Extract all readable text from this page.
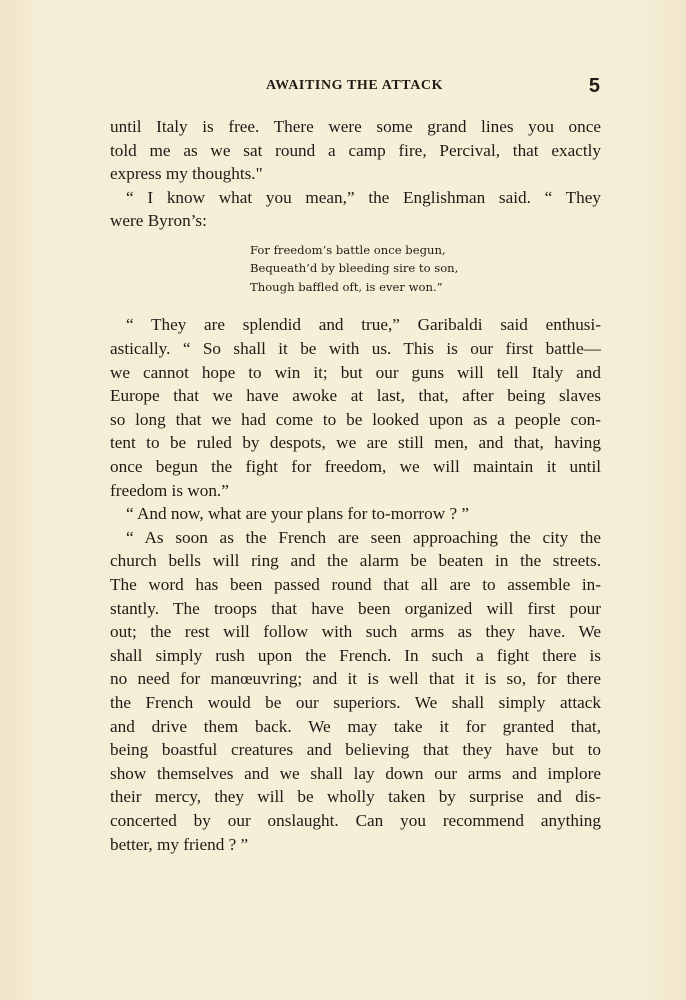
AWAITING THE ATTACK	5
until Italy is free. There were some grand lines you once
told me as we sat round a camp fire, Percival, that exactly
express my thoughts."
“ I know what you mean,” the Englishman said. “ They
were Byron’s:
For freedom’s battle once begun,
Bequeath’d by bleeding sire to son,
Though baffled oft, is ever won.”
“ They are splendid and true,” Garibaldi said enthusi-
astically. “ So shall it be with us. This is our first battle—
we cannot hope to win it; but our guns will tell Italy and
Europe that we have awoke at last, that, after being slaves
so long that we had come to be looked upon as a people con-
tent to be ruled by despots, we are still men, and that, having
once begun the fight for freedom, we will maintain it until
freedom is won.”
“ And now, what are your plans for to-morrow ? ”
“ As soon as the French are seen approaching the city the
church bells will ring and the alarm be beaten in the streets.
The word has been passed round that all are to assemble in-
stantly. The troops that have been organized will first pour
out; the rest will follow with such arms as they have. We
shall simply rush upon the French. In such a fight there is
no need for manœuvring; and it is well that it is so, for there
the French would be our superiors. We shall simply attack
and drive them back. We may take it for granted that,
being boastful creatures and believing that they have but to
show themselves and we shall lay down our arms and implore
their mercy, they will be wholly taken by surprise and dis-
concerted by our onslaught. Can you recommend anything
better, my friend ? ”
